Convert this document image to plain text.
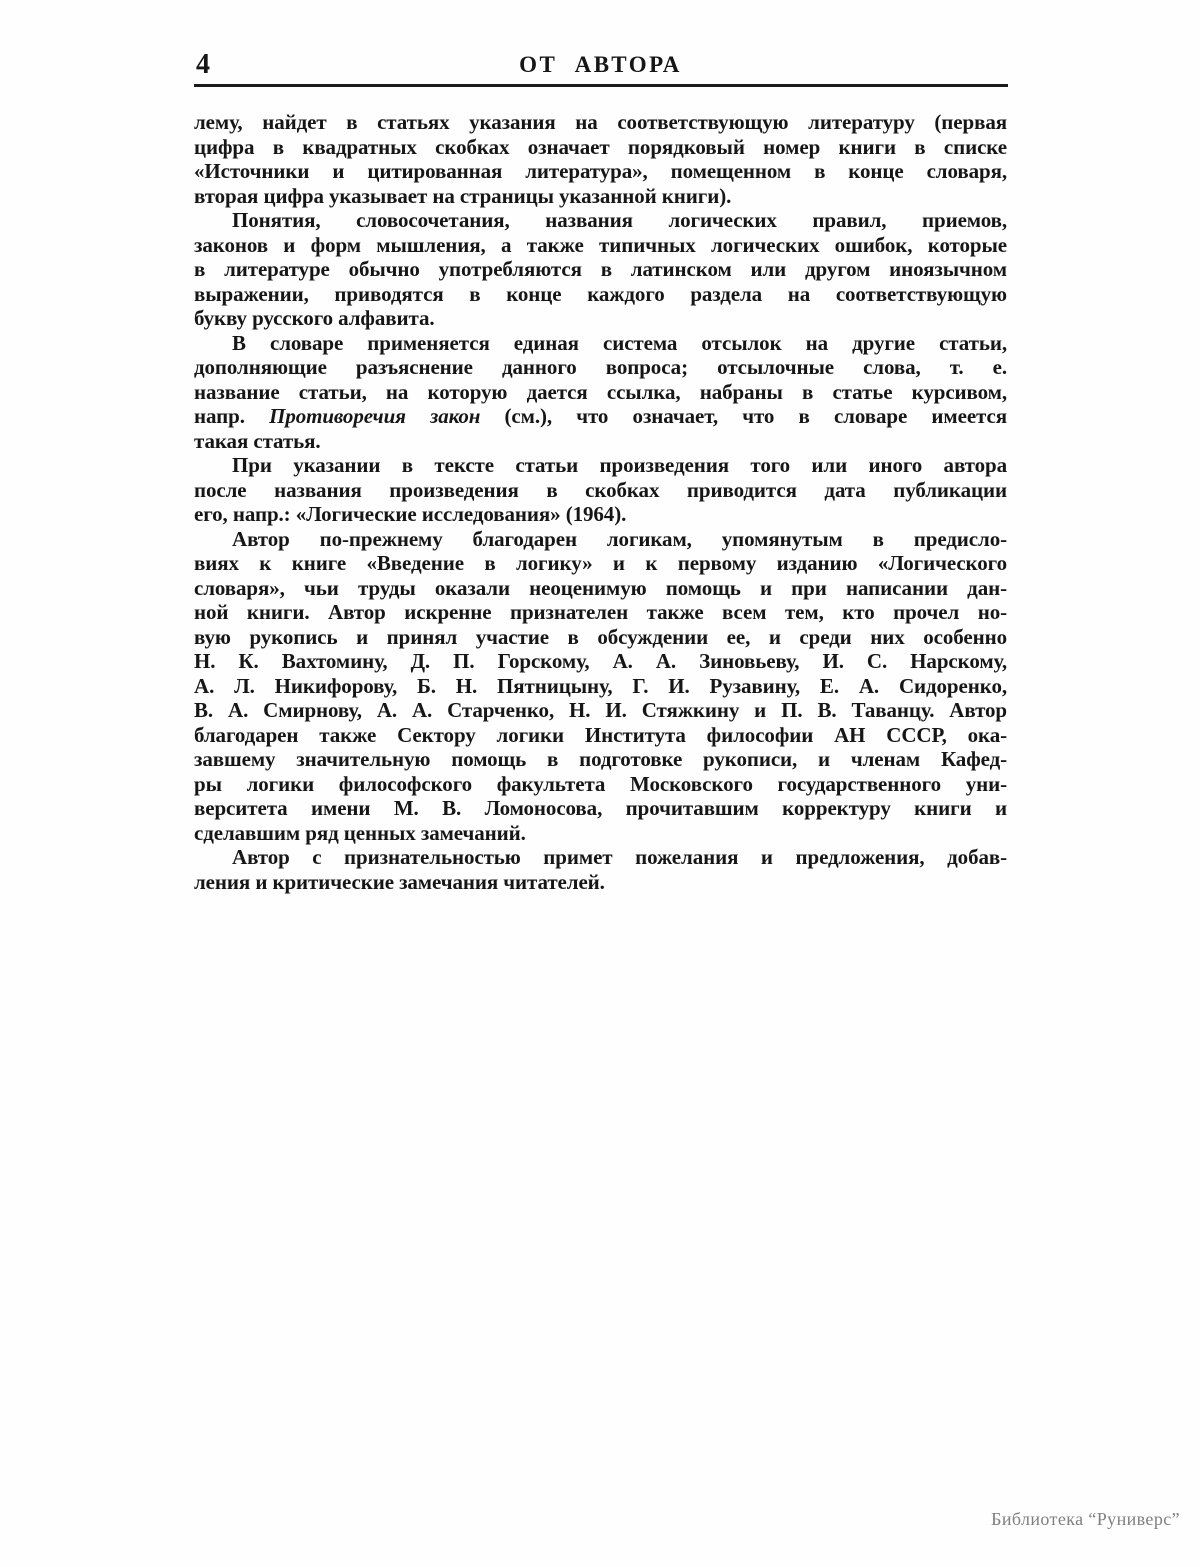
4	ОТ АВТОРА
лему, найдет в статьях указания на соответствующую литературу (первая
цифра в квадратных скобках означает порядковый номер книги в списке
«Источники и цитированная литература», помещенном в конце словаря,
вторая цифра указывает на страницы указанной книги).
Понятия, словосочетания, названия логических правил, приемов,
законов и форм мышления, а также типичных логических ошибок, которые
в литературе обычно употребляются в латинском или другом иноязычном
выражении, приводятся в конце каждого раздела на соответствующую
букву русского алфавита.
В словаре применяется единая система отсылок на другие статьи,
дополняющие разъяснение данного вопроса; отсылочные слова, т. е.
название статьи, на которую дается ссылка, набраны в статье курсивом,
напр. Противоречия закон (см.), что означает, что в словаре имеется
такая статья.
При указании в тексте статьи произведения того или иного автора
после названия произведения в скобках приводится дата публикации
его, напр.: «Логические исследования» (1964).
Автор по-прежнему благодарен логикам, упомянутым в предисло-
виях к книге «Введение в логику» и к первому изданию «Логического
словаря», чьи труды оказали неоценимую помощь и при написании дан-
ной книги. Автор искренне признателен также всем тем, кто прочел но-
вую рукопись и принял участие в обсуждении ее, и среди них особенно
Н. К. Вахтомину, Д. П. Горскому, А. А. Зиновьеву, И. С. Нарскому,
А. Л. Никифорову, Б. Н. Пятницыну, Г. И. Рузавину, Е. А. Сидоренко,
В. А. Смирнову, А. А. Старченко, Н. И. Стяжкину и П. В. Таванцу. Автор
благодарен также Сектору логики Института философии АН СССР, ока-
завшему значительную помощь в подготовке рукописи, и членам Кафед-
ры логики философского факультета Московского государственного уни-
верситета имени М. В. Ломоносова, прочитавшим корректуру книги и
сделавшим ряд ценных замечаний.
Автор с признательностью примет пожелания и предложения, добав-
ления и критические замечания читателей.
Библиотека “Руниверс”
